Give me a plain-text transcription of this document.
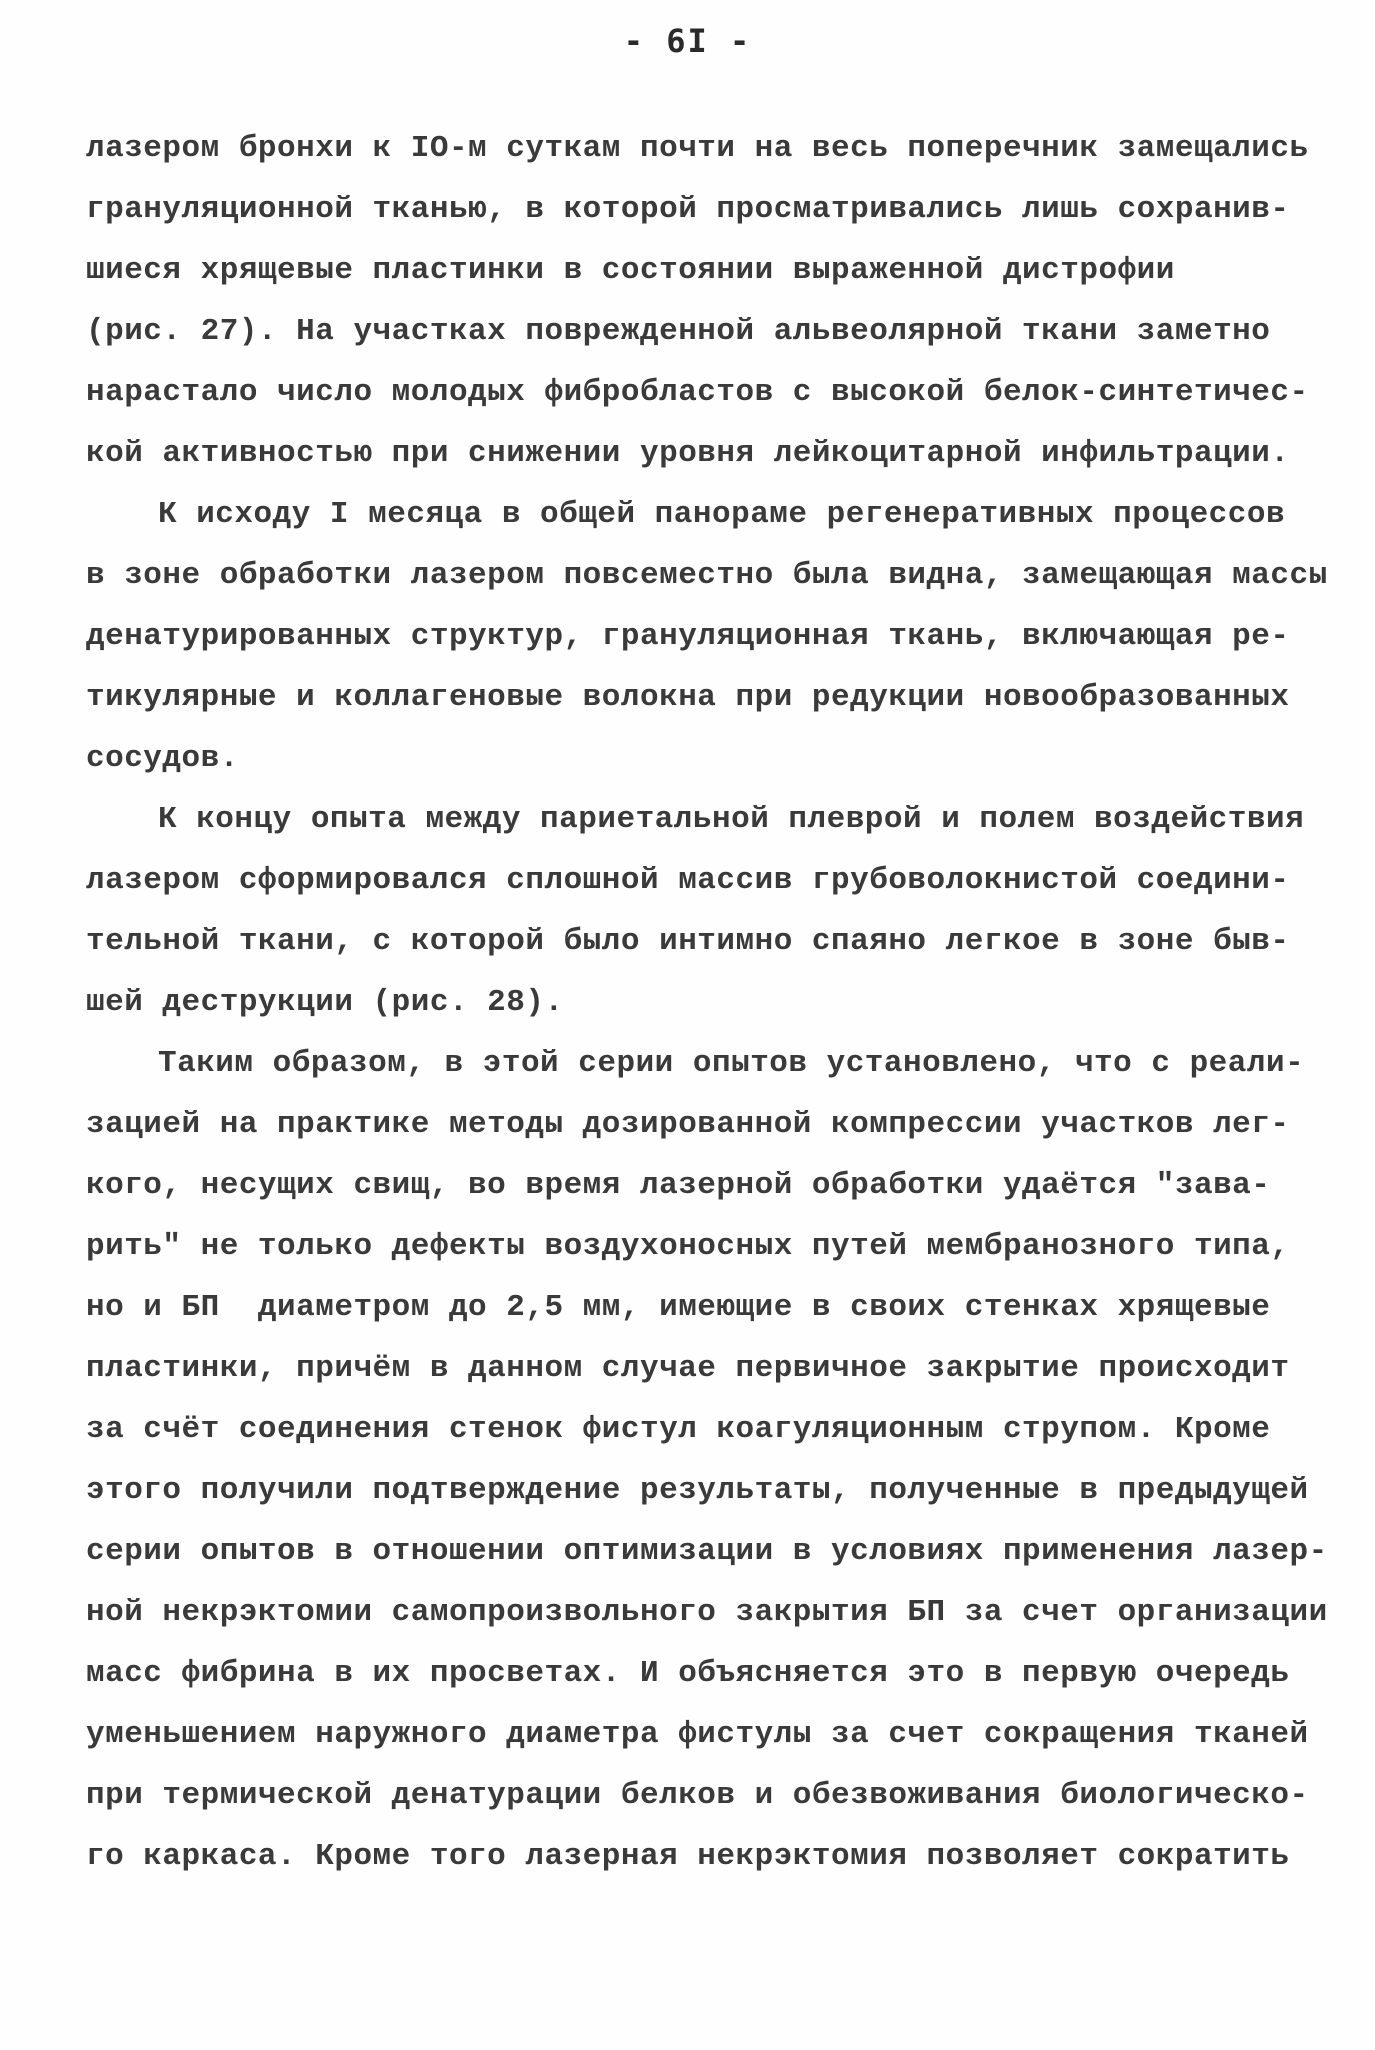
- 6I -
лазером бронхи к IO-м суткам почти на весь поперечник замещались
грануляционной тканью, в которой просматривались лишь сохранив-
шиеся хрящевые пластинки в состоянии выраженной дистрофии
(рис. 27). На участках поврежденной альвеолярной ткани заметно
нарастало число молодых фибробластов с высокой белок-синтетичес-
кой активностью при снижении уровня лейкоцитарной инфильтрации.
К исходу I месяца в общей панораме регенеративных процессов
в зоне обработки лазером повсеместно была видна, замещающая массы
денатурированных структур, грануляционная ткань, включающая ре-
тикулярные и коллагеновые волокна при редукции новообразованных
сосудов.
К концу опыта между париетальной плеврой и полем воздействия
лазером сформировался сплошной массив грубоволокнистой соедини-
тельной ткани, с которой было интимно спаяно легкое в зоне быв-
шей деструкции (рис. 28).
Таким образом, в этой серии опытов установлено, что с реали-
зацией на практике методы дозированной компрессии участков лег-
кого, несущих свищ, во время лазерной обработки удаётся "зава-
рить" не только дефекты воздухоносных путей мембранозного типа,
но и БП  диаметром до 2,5 мм, имеющие в своих стенках хрящевые
пластинки, причём в данном случае первичное закрытие происходит
за счёт соединения стенок фистул коагуляционным струпом. Кроме
этого получили подтверждение результаты, полученные в предыдущей
серии опытов в отношении оптимизации в условиях применения лазер-
ной некрэктомии самопроизвольного закрытия БП за счет организации
масс фибрина в их просветах. И объясняется это в первую очередь
уменьшением наружного диаметра фистулы за счет сокращения тканей
при термической денатурации белков и обезвоживания биологическо-
го каркаса. Кроме того лазерная некрэктомия позволяет сократить
